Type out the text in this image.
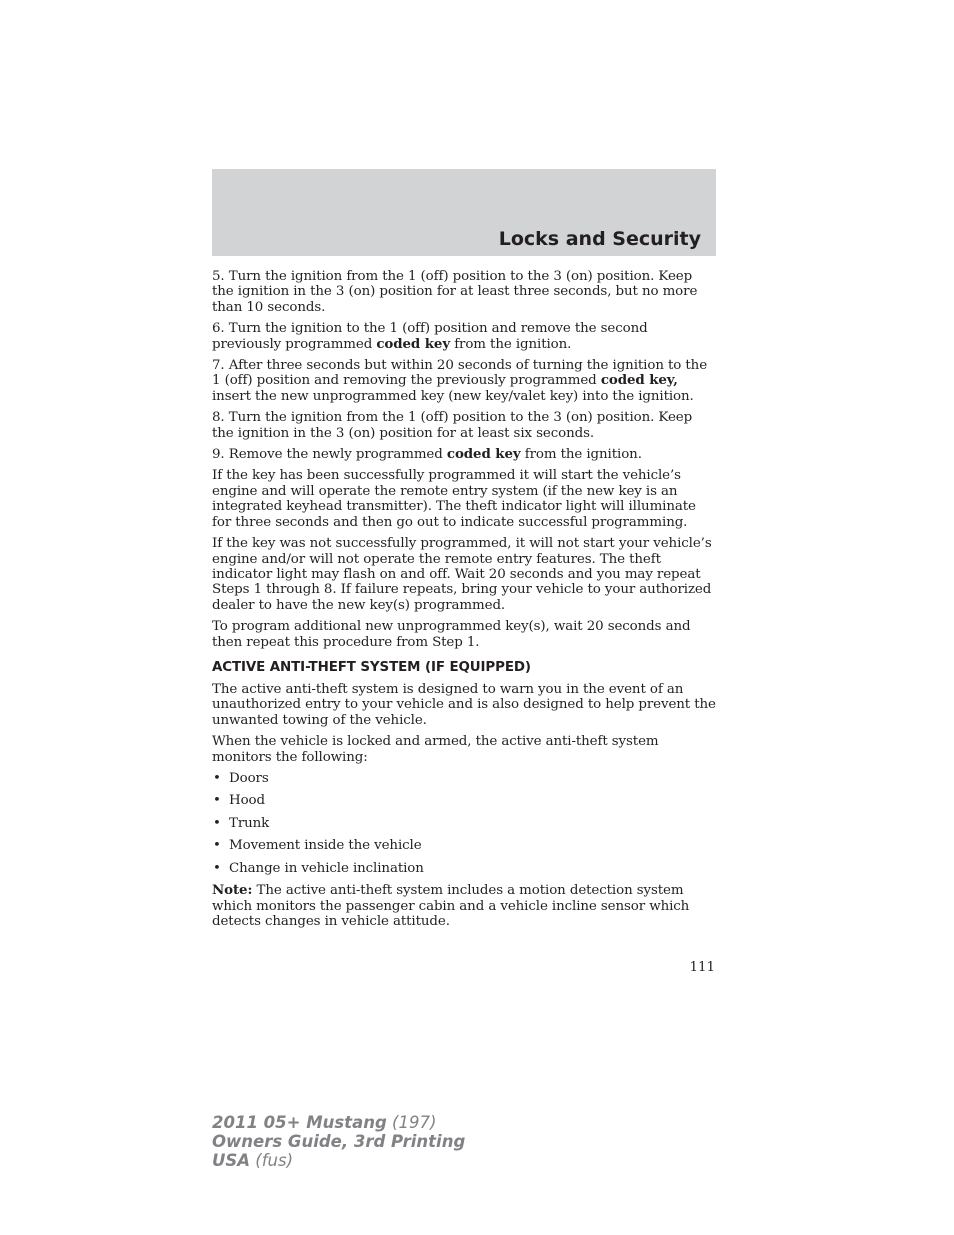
Locks and Security

5. Turn the ignition from the 1 (off) position to the 3 (on) position. Keep the ignition in the 3 (on) position for at least three seconds, but no more than 10 seconds.

6. Turn the ignition to the 1 (off) position and remove the second previously programmed coded key from the ignition.

7. After three seconds but within 20 seconds of turning the ignition to the 1 (off) position and removing the previously programmed coded key, insert the new unprogrammed key (new key/valet key) into the ignition.

8. Turn the ignition from the 1 (off) position to the 3 (on) position. Keep the ignition in the 3 (on) position for at least six seconds.

9. Remove the newly programmed coded key from the ignition.

If the key has been successfully programmed it will start the vehicle’s engine and will operate the remote entry system (if the new key is an integrated keyhead transmitter). The theft indicator light will illuminate for three seconds and then go out to indicate successful programming.

If the key was not successfully programmed, it will not start your vehicle’s engine and/or will not operate the remote entry features. The theft indicator light may flash on and off. Wait 20 seconds and you may repeat Steps 1 through 8. If failure repeats, bring your vehicle to your authorized dealer to have the new key(s) programmed.

To program additional new unprogrammed key(s), wait 20 seconds and then repeat this procedure from Step 1.

ACTIVE ANTI-THEFT SYSTEM (IF EQUIPPED)

The active anti-theft system is designed to warn you in the event of an unauthorized entry to your vehicle and is also designed to help prevent the unwanted towing of the vehicle.

When the vehicle is locked and armed, the active anti-theft system monitors the following:

• Doors
• Hood
• Trunk
• Movement inside the vehicle
• Change in vehicle inclination

Note: The active anti-theft system includes a motion detection system which monitors the passenger cabin and a vehicle incline sensor which detects changes in vehicle attitude.

111
2011 05+ Mustang (197)
Owners Guide, 3rd Printing
USA (fus)
